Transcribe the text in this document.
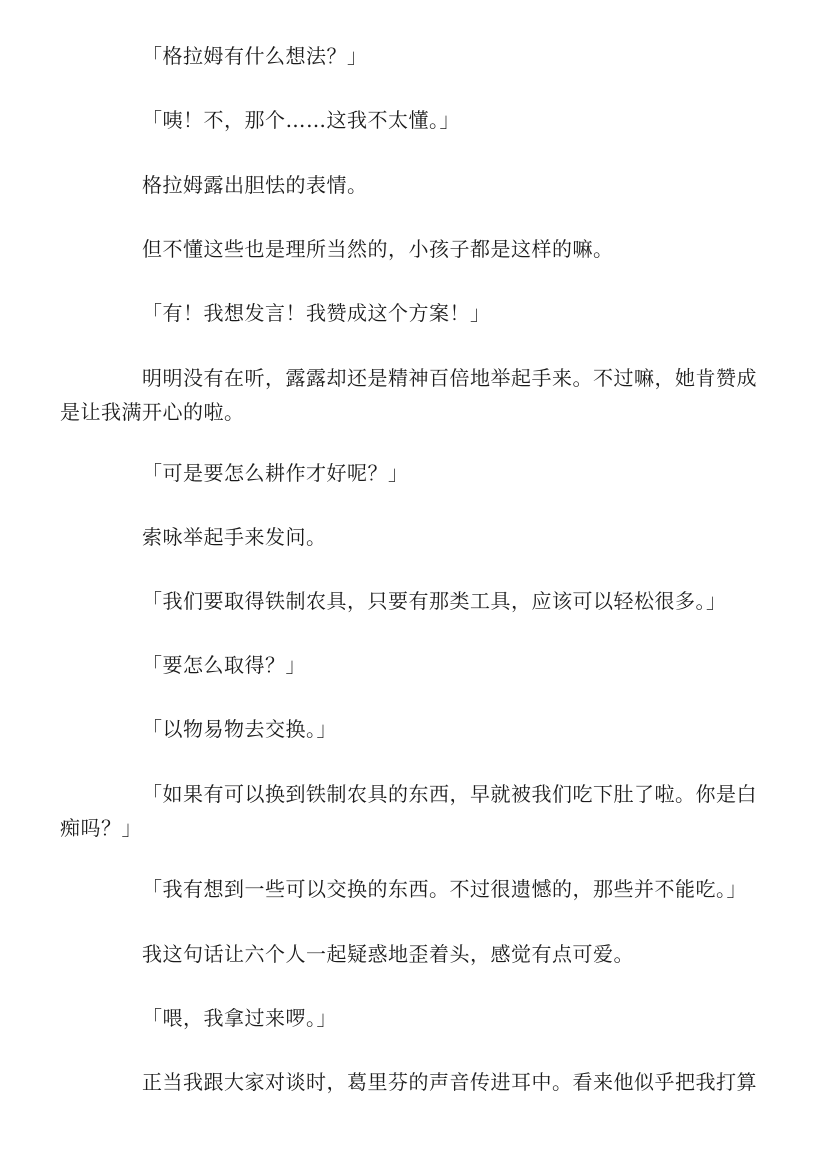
「格拉姆有什么想法？」

「咦！不，那个……这我不太懂。」

格拉姆露出胆怯的表情。

但不懂这些也是理所当然的，小孩子都是这样的嘛。

「有！我想发言！我赞成这个方案！」

明明没有在听，露露却还是精神百倍地举起手来。不过嘛，她肯赞成是让我满开心的啦。

「可是要怎么耕作才好呢？」

索咏举起手来发问。

「我们要取得铁制农具，只要有那类工具，应该可以轻松很多。」

「要怎么取得？」

「以物易物去交换。」

「如果有可以换到铁制农具的东西，早就被我们吃下肚了啦。你是白痴吗？」

「我有想到一些可以交换的东西。不过很遗憾的，那些并不能吃。」

我这句话让六个人一起疑惑地歪着头，感觉有点可爱。

「喂，我拿过来啰。」

正当我跟大家对谈时，葛里芬的声音传进耳中。看来他似乎把我打算
